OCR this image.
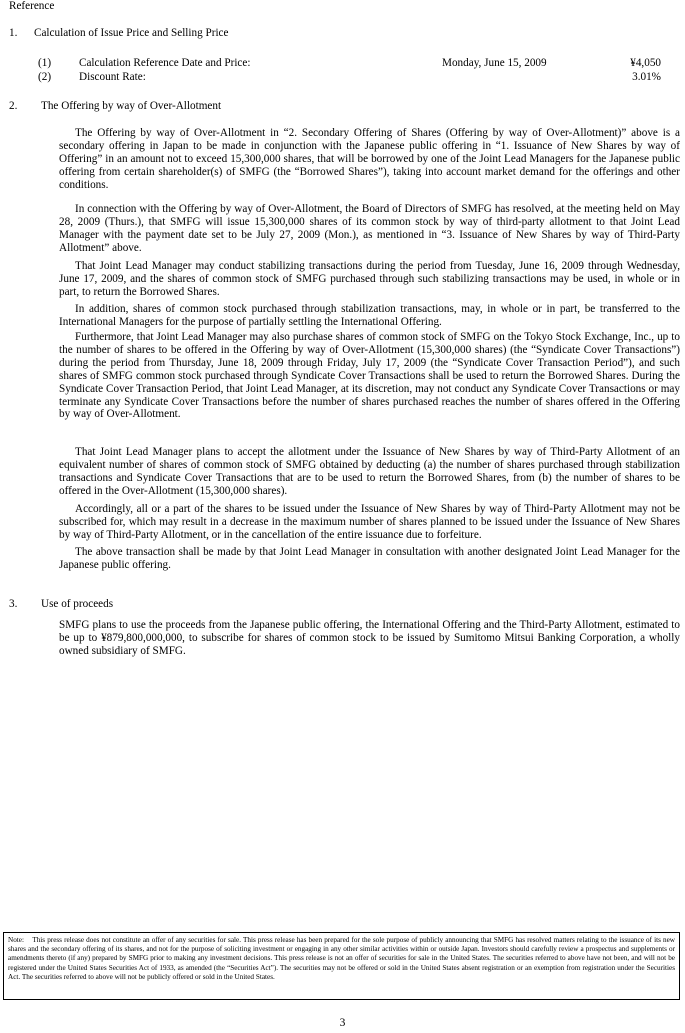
Reference
1. Calculation of Issue Price and Selling Price
(1) Calculation Reference Date and Price:	Monday, June 15, 2009	¥4,050
(2) Discount Rate:	3.01%
2. The Offering by way of Over-Allotment
The Offering by way of Over-Allotment in “2. Secondary Offering of Shares (Offering by way of Over-Allotment)” above is a secondary offering in Japan to be made in conjunction with the Japanese public offering in “1. Issuance of New Shares by way of Offering” in an amount not to exceed 15,300,000 shares, that will be borrowed by one of the Joint Lead Managers for the Japanese public offering from certain shareholder(s) of SMFG (the “Borrowed Shares”), taking into account market demand for the offerings and other conditions.
In connection with the Offering by way of Over-Allotment, the Board of Directors of SMFG has resolved, at the meeting held on May 28, 2009 (Thurs.), that SMFG will issue 15,300,000 shares of its common stock by way of third-party allotment to that Joint Lead Manager with the payment date set to be July 27, 2009 (Mon.), as mentioned in “3. Issuance of New Shares by way of Third-Party Allotment” above.
That Joint Lead Manager may conduct stabilizing transactions during the period from Tuesday, June 16, 2009 through Wednesday, June 17, 2009, and the shares of common stock of SMFG purchased through such stabilizing transactions may be used, in whole or in part, to return the Borrowed Shares.
In addition, shares of common stock purchased through stabilization transactions, may, in whole or in part, be transferred to the International Managers for the purpose of partially settling the International Offering.
Furthermore, that Joint Lead Manager may also purchase shares of common stock of SMFG on the Tokyo Stock Exchange, Inc., up to the number of shares to be offered in the Offering by way of Over-Allotment (15,300,000 shares) (the “Syndicate Cover Transactions”) during the period from Thursday, June 18, 2009 through Friday, July 17, 2009 (the “Syndicate Cover Transaction Period”), and such shares of SMFG common stock purchased through Syndicate Cover Transactions shall be used to return the Borrowed Shares. During the Syndicate Cover Transaction Period, that Joint Lead Manager, at its discretion, may not conduct any Syndicate Cover Transactions or may terminate any Syndicate Cover Transactions before the number of shares purchased reaches the number of shares offered in the Offering by way of Over-Allotment.
That Joint Lead Manager plans to accept the allotment under the Issuance of New Shares by way of Third-Party Allotment of an equivalent number of shares of common stock of SMFG obtained by deducting (a) the number of shares purchased through stabilization transactions and Syndicate Cover Transactions that are to be used to return the Borrowed Shares, from (b) the number of shares to be offered in the Over-Allotment (15,300,000 shares).
Accordingly, all or a part of the shares to be issued under the Issuance of New Shares by way of Third-Party Allotment may not be subscribed for, which may result in a decrease in the maximum number of shares planned to be issued under the Issuance of New Shares by way of Third-Party Allotment, or in the cancellation of the entire issuance due to forfeiture.
The above transaction shall be made by that Joint Lead Manager in consultation with another designated Joint Lead Manager for the Japanese public offering.
3. Use of proceeds
SMFG plans to use the proceeds from the Japanese public offering, the International Offering and the Third-Party Allotment, estimated to be up to ¥879,800,000,000, to subscribe for shares of common stock to be issued by Sumitomo Mitsui Banking Corporation, a wholly owned subsidiary of SMFG.
Note: This press release does not constitute an offer of any securities for sale. This press release has been prepared for the sole purpose of publicly announcing that SMFG has resolved matters relating to the issuance of its new shares and the secondary offering of its shares, and not for the purpose of soliciting investment or engaging in any other similar activities within or outside Japan. Investors should carefully review a prospectus and supplements or amendments thereto (if any) prepared by SMFG prior to making any investment decisions. This press release is not an offer of securities for sale in the United States. The securities referred to above have not been, and will not be registered under the United States Securities Act of 1933, as amended (the “Securities Act”). The securities may not be offered or sold in the United States absent registration or an exemption from registration under the Securities Act. The securities referred to above will not be publicly offered or sold in the United States.
3
